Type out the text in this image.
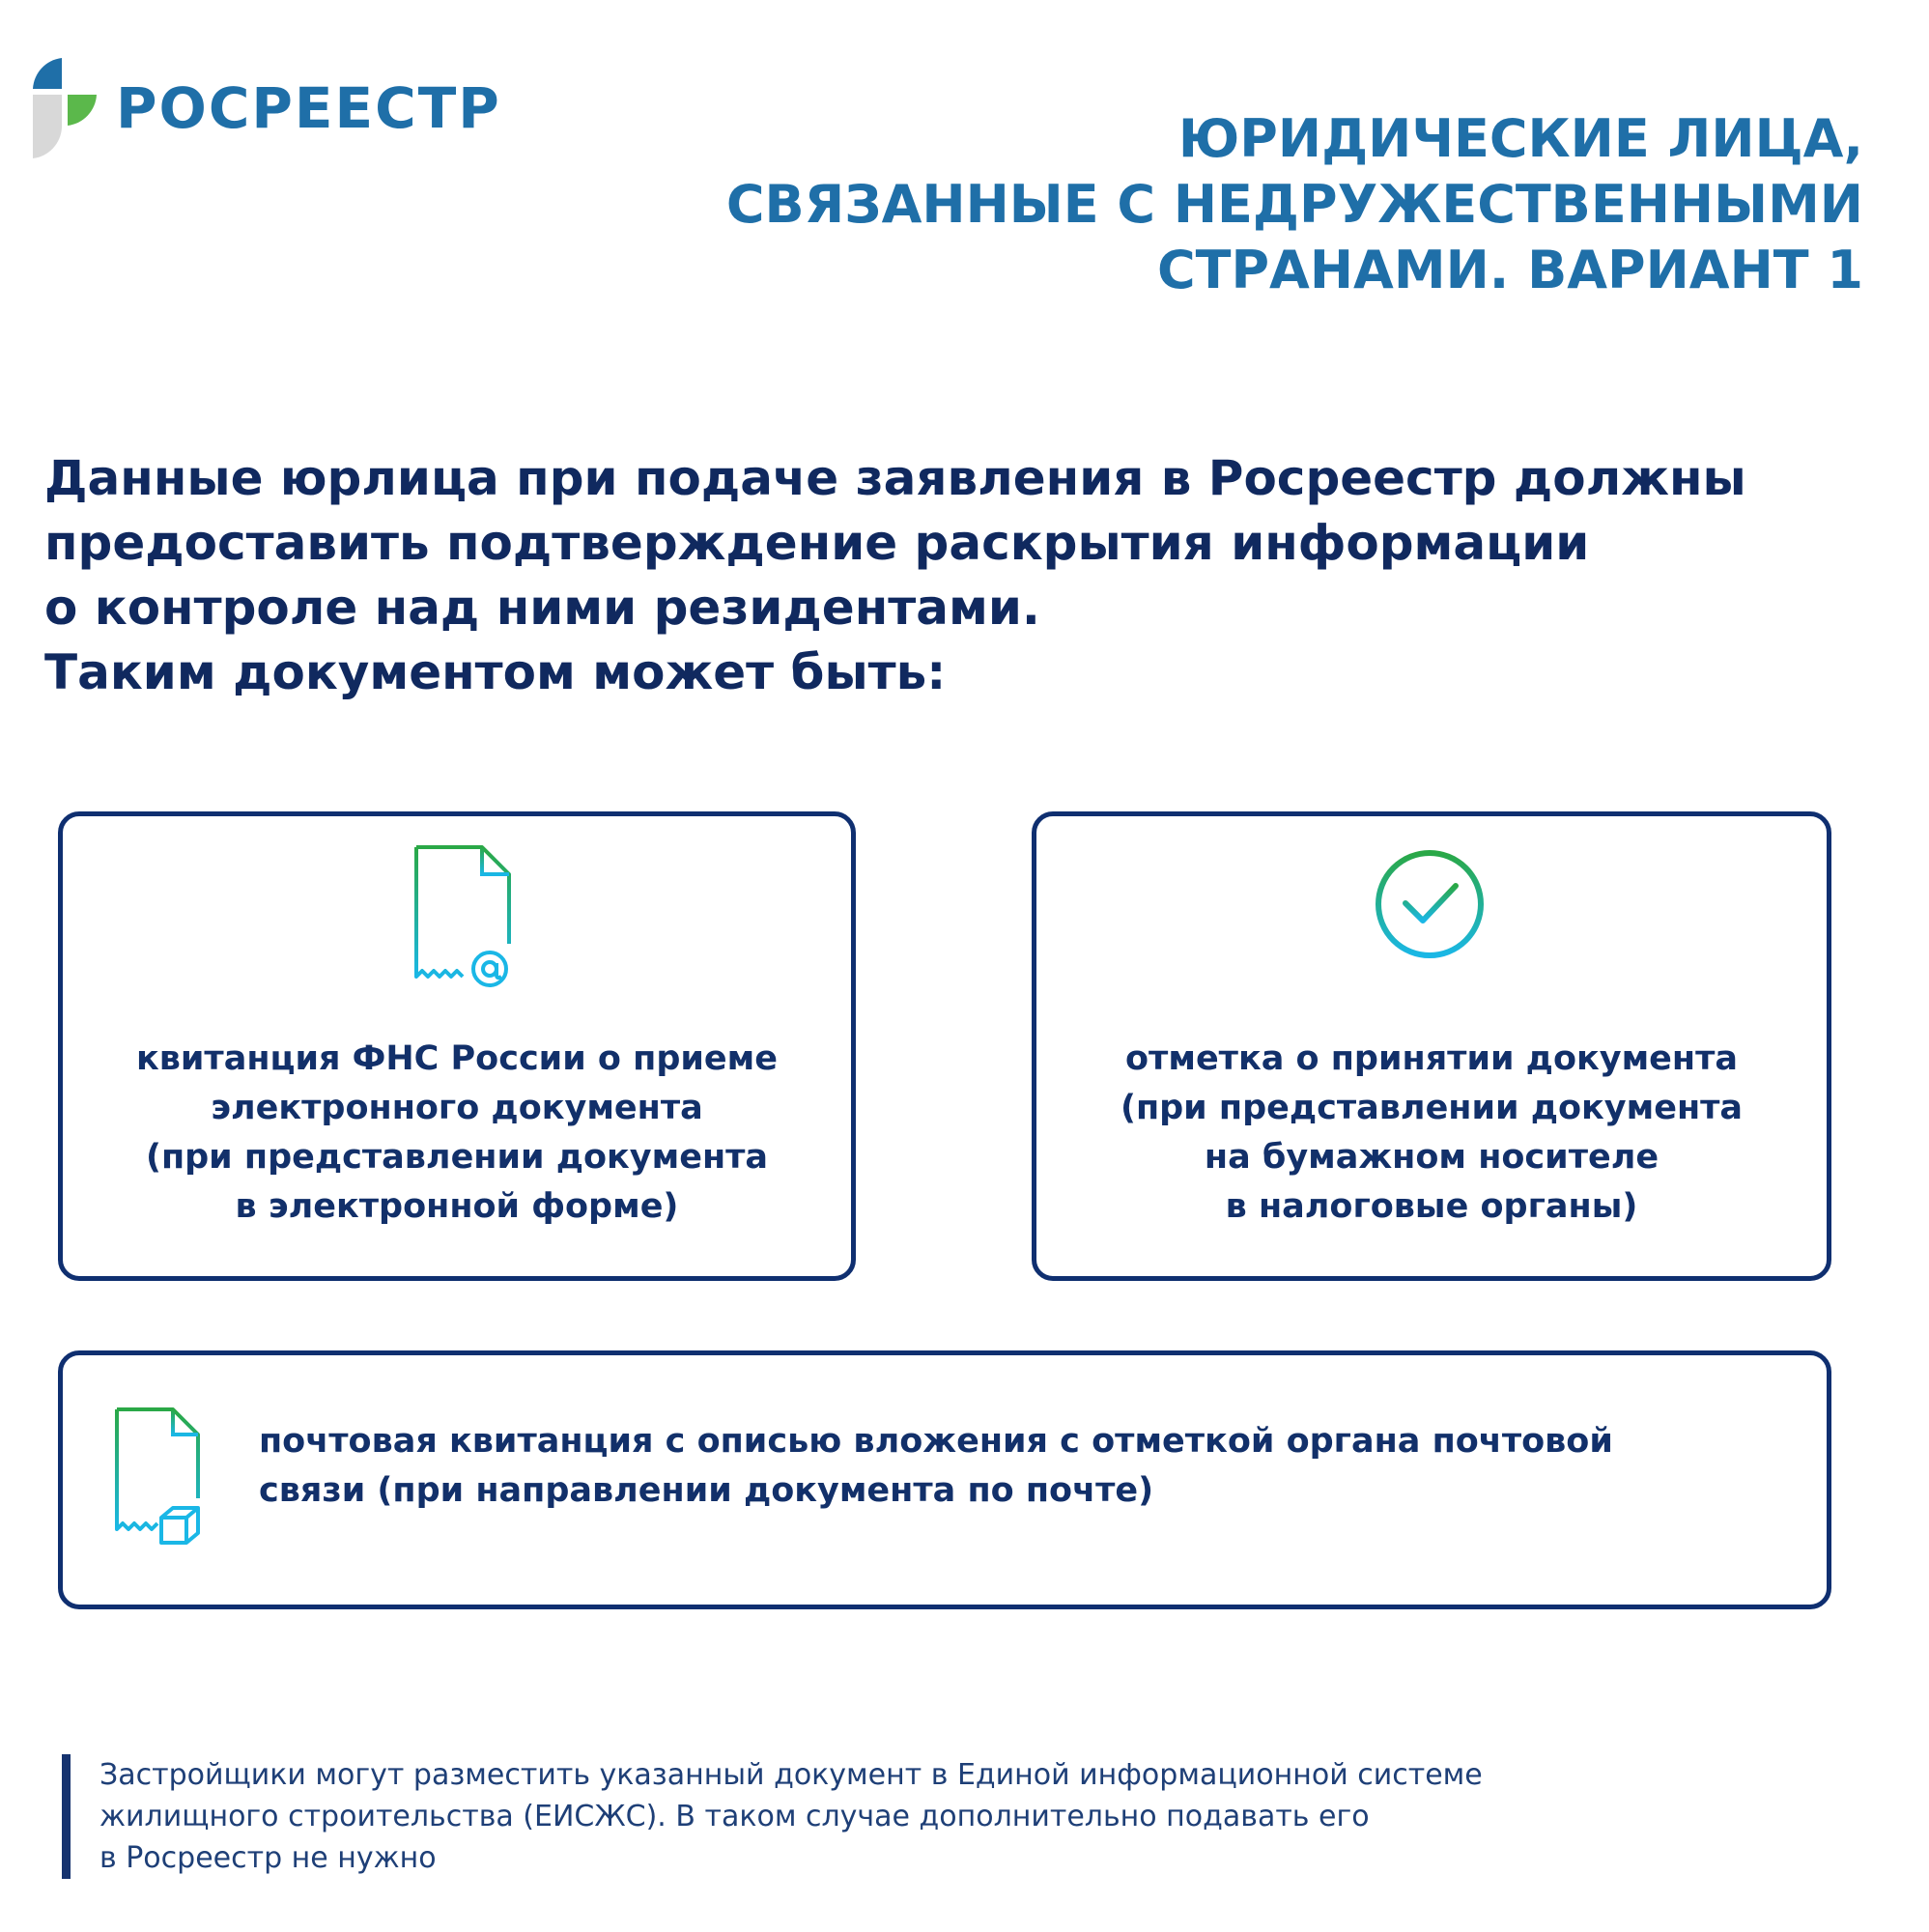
РОСРЕЕСТР	ЮРИДИЧЕСКИЕ ЛИЦА,
СВЯЗАННЫЕ С НЕДРУЖЕСТВЕННЫМИ
СТРАНАМИ. ВАРИАНТ 1
Данные юрлица при подаче заявления в Росреестр должны
предоставить подтверждение раскрытия информации
о контроле над ними резидентами.
Таким документом может быть:
квитанция ФНС России о приеме
электронного документа
(при представлении документа
в электронной форме)
отметка о принятии документа
(при представлении документа
на бумажном носителе
в налоговые органы)
почтовая квитанция с описью вложения с отметкой органа почтовой
связи (при направлении документа по почте)
Застройщики могут разместить указанный документ в Единой информационной системе
жилищного строительства (ЕИСЖС). В таком случае дополнительно подавать его
в Росреестр не нужно
